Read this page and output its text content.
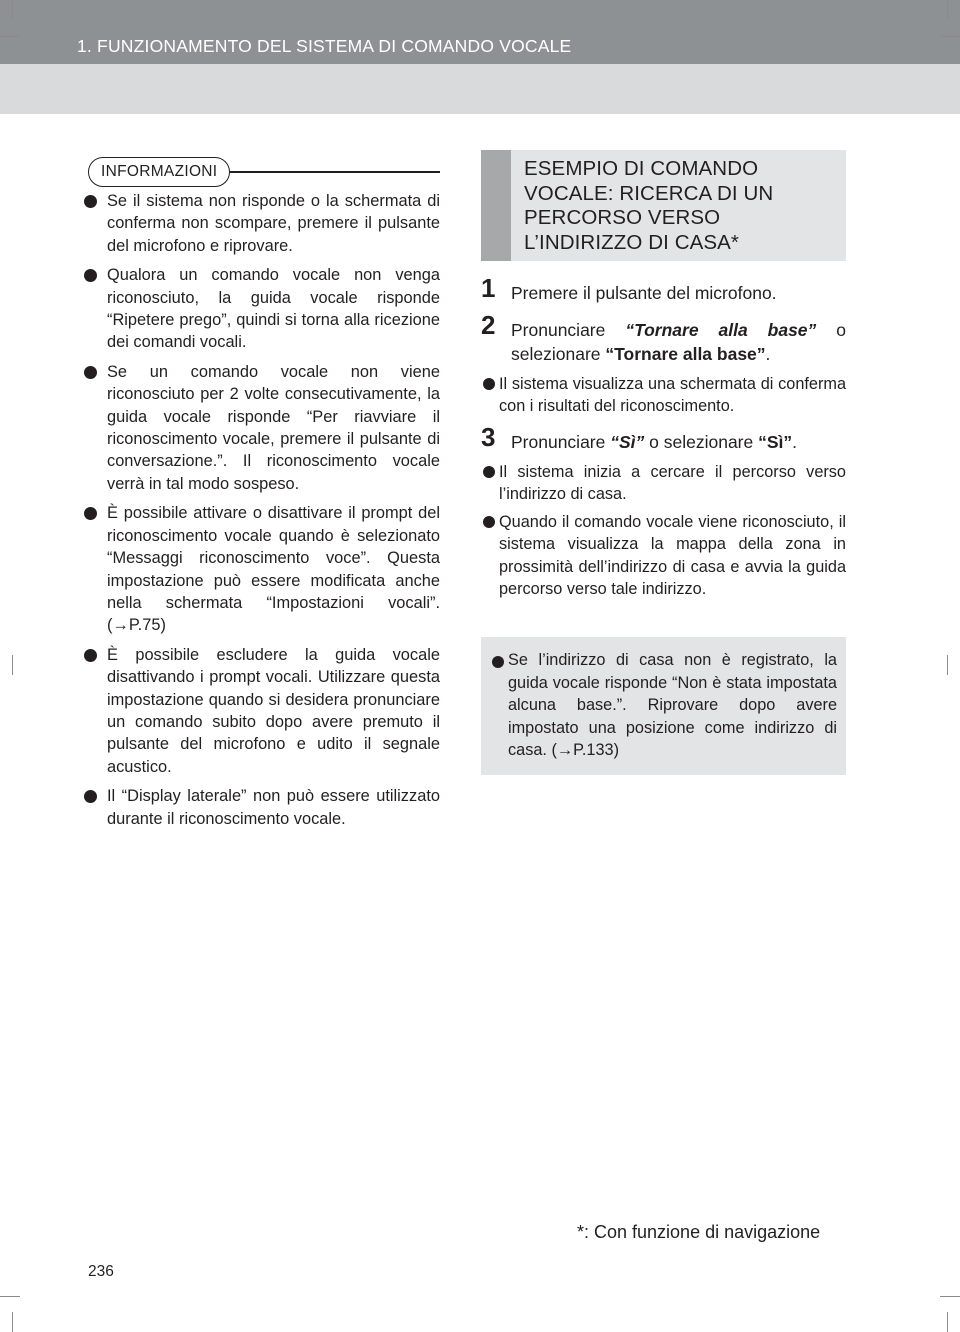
1. FUNZIONAMENTO DEL SISTEMA DI COMANDO VOCALE
INFORMAZIONI
Se il sistema non risponde o la schermata di conferma non scompare, premere il pulsante del microfono e riprovare.
Qualora un comando vocale non venga riconosciuto, la guida vocale risponde “Ripetere prego”, quindi si torna alla ricezione dei comandi vocali.
Se un comando vocale non viene riconosciuto per 2 volte consecutivamente, la guida vocale risponde “Per riavviare il riconoscimento vocale, premere il pulsante di conversazione.”. Il riconoscimento vocale verrà in tal modo sospeso.
È possibile attivare o disattivare il prompt del riconoscimento vocale quando è selezionato “Messaggi riconoscimento voce”. Questa impostazione può essere modificata anche nella schermata “Impostazioni vocali”. (→P.75)
È possibile escludere la guida vocale disattivando i prompt vocali. Utilizzare questa impostazione quando si desidera pronunciare un comando subito dopo avere premuto il pulsante del microfono e udito il segnale acustico.
Il “Display laterale” non può essere utilizzato durante il riconoscimento vocale.
ESEMPIO DI COMANDO VOCALE: RICERCA DI UN PERCORSO VERSO L’INDIRIZZO DI CASA*
1 Premere il pulsante del microfono.
2 Pronunciare “Tornare alla base” o selezionare “Tornare alla base”.
Il sistema visualizza una schermata di conferma con i risultati del riconoscimento.
3 Pronunciare “Sì” o selezionare “Sì”.
Il sistema inizia a cercare il percorso verso l’indirizzo di casa.
Quando il comando vocale viene riconosciuto, il sistema visualizza la mappa della zona in prossimità dell’indirizzo di casa e avvia la guida percorso verso tale indirizzo.
Se l’indirizzo di casa non è registrato, la guida vocale risponde “Non è stata impostata alcuna base.”. Riprovare dopo avere impostato una posizione come indirizzo di casa. (→P.133)
*: Con funzione di navigazione
236
